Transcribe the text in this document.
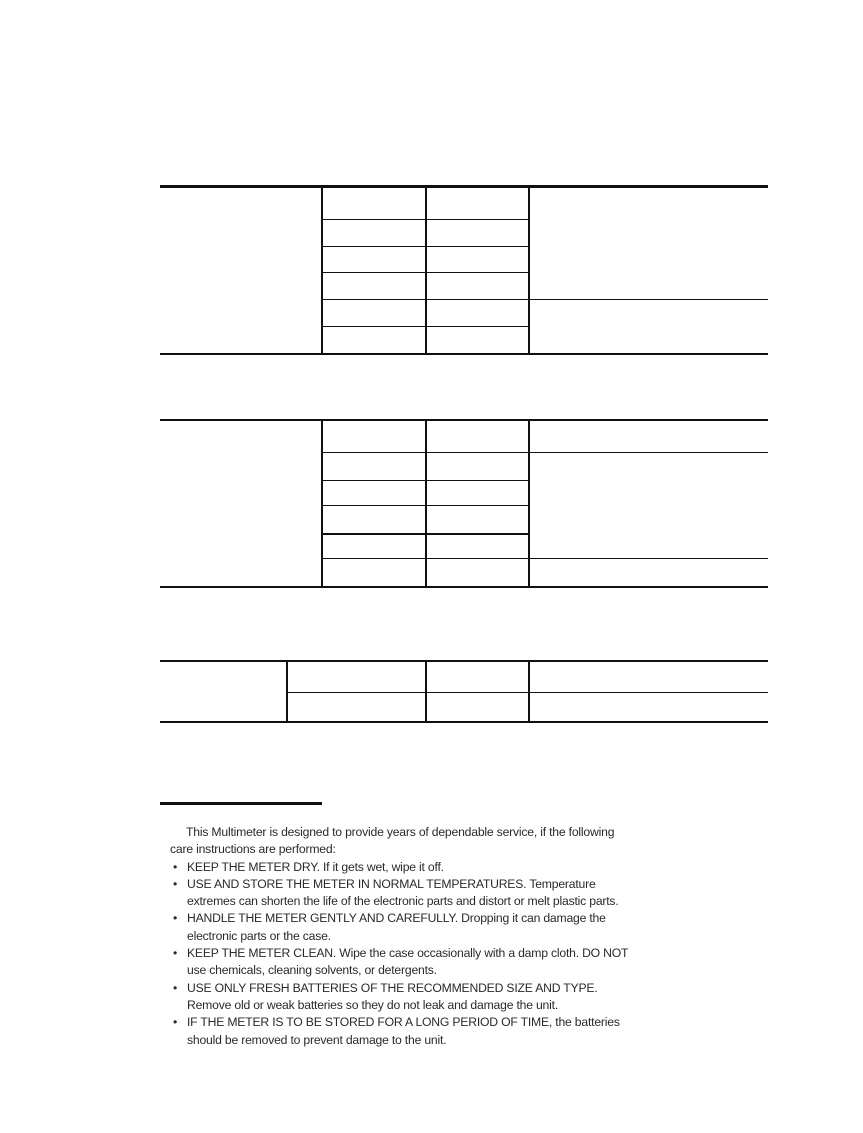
This Multimeter is designed to provide years of dependable service, if the following care instructions are performed:

• KEEP THE METER DRY. If it gets wet, wipe it off.
• USE AND STORE THE METER IN NORMAL TEMPERATURES. Temperature extremes can shorten the life of the electronic parts and distort or melt plastic parts.
• HANDLE THE METER GENTLY AND CAREFULLY. Dropping it can damage the electronic parts or the case.
• KEEP THE METER CLEAN. Wipe the case occasionally with a damp cloth. DO NOT use chemicals, cleaning solvents, or detergents.
• USE ONLY FRESH BATTERIES OF THE RECOMMENDED SIZE AND TYPE. Remove old or weak batteries so they do not leak and damage the unit.
• IF THE METER IS TO BE STORED FOR A LONG PERIOD OF TIME, the batteries should be removed to prevent damage to the unit.
